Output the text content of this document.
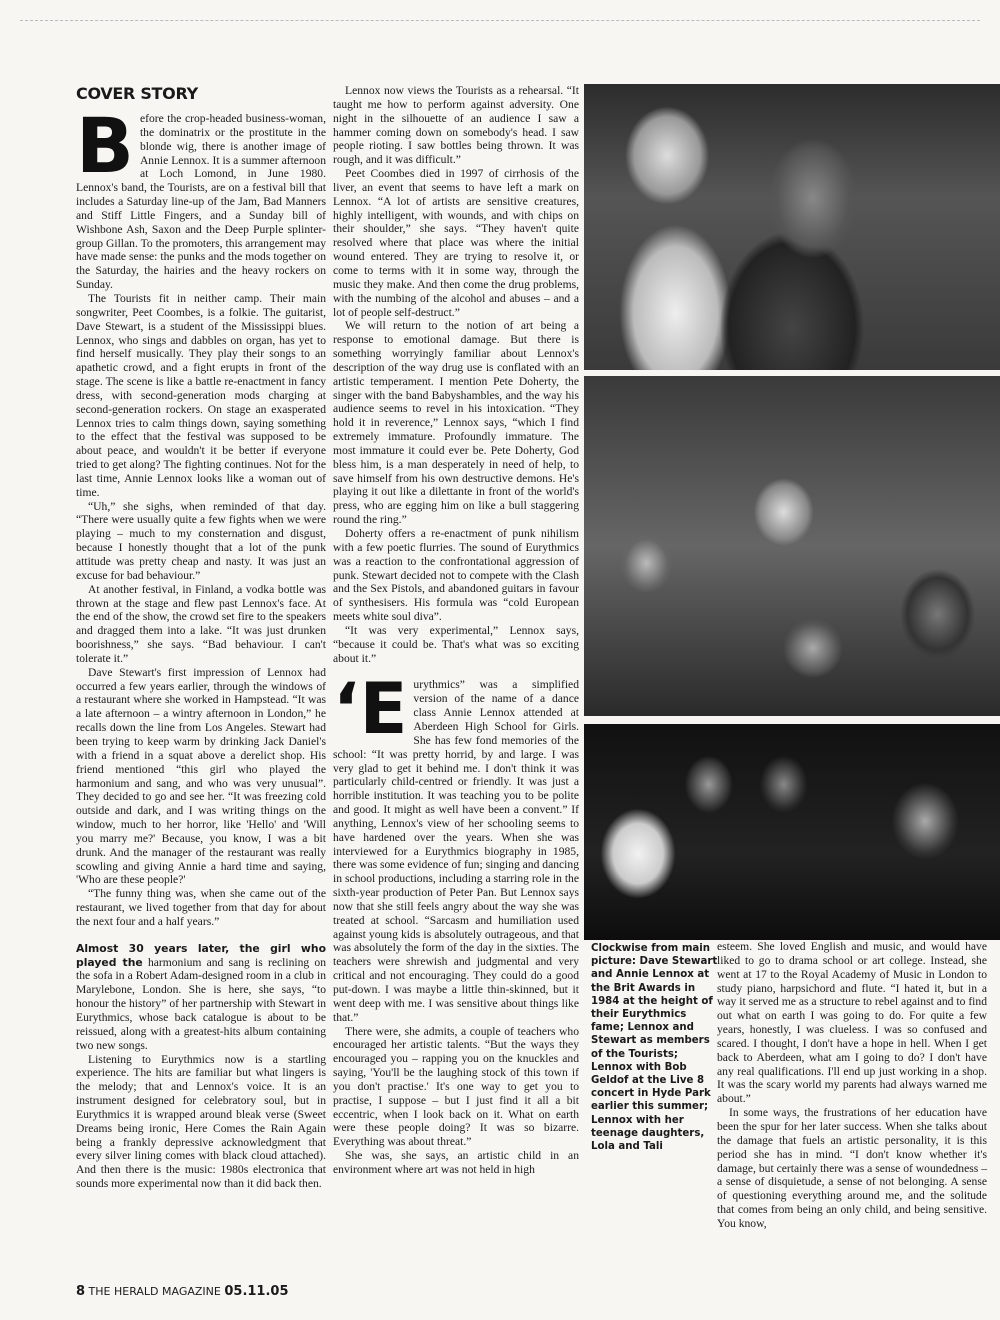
COVER STORY

Before the crop-headed business-woman, the dominatrix or the prostitute in the blonde wig, there is another image of Annie Lennox. It is a summer afternoon at Loch Lomond, in June 1980. Lennox's band, the Tourists, are on a festival bill that includes a Saturday line-up of the Jam, Bad Manners and Stiff Little Fingers, and a Sunday bill of Wishbone Ash, Saxon and the Deep Purple splinter-group Gillan. To the promoters, this arrangement may have made sense: the punks and the mods together on the Saturday, the hairies and the heavy rockers on Sunday.

The Tourists fit in neither camp. Their main songwriter, Peet Coombes, is a folkie. The guitarist, Dave Stewart, is a student of the Mississippi blues. Lennox, who sings and dabbles on organ, has yet to find herself musically. They play their songs to an apathetic crowd, and a fight erupts in front of the stage. The scene is like a battle re-enactment in fancy dress, with second-generation mods charging at second-generation rockers. On stage an exasperated Lennox tries to calm things down, saying something to the effect that the festival was supposed to be about peace, and wouldn't it be better if everyone tried to get along? The fighting continues. Not for the last time, Annie Lennox looks like a woman out of time.

“Uh,” she sighs, when reminded of that day. “There were usually quite a few fights when we were playing – much to my consternation and disgust, because I honestly thought that a lot of the punk attitude was pretty cheap and nasty. It was just an excuse for bad behaviour.”

At another festival, in Finland, a vodka bottle was thrown at the stage and flew past Lennox's face. At the end of the show, the crowd set fire to the speakers and dragged them into a lake. “It was just drunken boorishness,” she says. “Bad behaviour. I can't tolerate it.”

Dave Stewart's first impression of Lennox had occurred a few years earlier, through the windows of a restaurant where she worked in Hampstead. “It was a late afternoon – a wintry afternoon in London,” he recalls down the line from Los Angeles. Stewart had been trying to keep warm by drinking Jack Daniel's with a friend in a squat above a derelict shop. His friend mentioned “this girl who played the harmonium and sang, and who was very unusual”. They decided to go and see her. “It was freezing cold outside and dark, and I was writing things on the window, much to her horror, like 'Hello' and 'Will you marry me?' Because, you know, I was a bit drunk. And the manager of the restaurant was really scowling and giving Annie a hard time and saying, 'Who are these people?'

“The funny thing was, when she came out of the restaurant, we lived together from that day for about the next four and a half years.”

Almost 30 years later, the girl who played the harmonium and sang is reclining on the sofa in a Robert Adam-designed room in a club in Marylebone, London. She is here, she says, “to honour the history” of her partnership with Stewart in Eurythmics, whose back catalogue is about to be reissued, along with a greatest-hits album containing two new songs.

Listening to Eurythmics now is a startling experience. The hits are familiar but what lingers is the melody; that and Lennox's voice. It is an instrument designed for celebratory soul, but in Eurythmics it is wrapped around bleak verse (Sweet Dreams being ironic, Here Comes the Rain Again being a frankly depressive acknowledgment that every silver lining comes with black cloud attached). And then there is the music: 1980s electronica that sounds more experimental now than it did back then.

Lennox now views the Tourists as a rehearsal. “It taught me how to perform against adversity. One night in the silhouette of an audience I saw a hammer coming down on somebody's head. I saw people rioting. I saw bottles being thrown. It was rough, and it was difficult.”

Peet Coombes died in 1997 of cirrhosis of the liver, an event that seems to have left a mark on Lennox. “A lot of artists are sensitive creatures, highly intelligent, with wounds, and with chips on their shoulder,” she says. “They haven't quite resolved where that place was where the initial wound entered. They are trying to resolve it, or come to terms with it in some way, through the music they make. And then come the drug problems, with the numbing of the alcohol and abuses – and a lot of people self-destruct.”

We will return to the notion of art being a response to emotional damage. But there is something worryingly familiar about Lennox's description of the way drug use is conflated with an artistic temperament. I mention Pete Doherty, the singer with the band Babyshambles, and the way his audience seems to revel in his intoxication. “They hold it in reverence,” Lennox says, “which I find extremely immature. Profoundly immature. The most immature it could ever be. Pete Doherty, God bless him, is a man desperately in need of help, to save himself from his own destructive demons. He's playing it out like a dilettante in front of the world's press, who are egging him on like a bull staggering round the ring.”

Doherty offers a re-enactment of punk nihilism with a few poetic flurries. The sound of Eurythmics was a reaction to the confrontational aggression of punk. Stewart decided not to compete with the Clash and the Sex Pistols, and abandoned guitars in favour of synthesisers. His formula was “cold European meets white soul diva”.

“It was very experimental,” Lennox says, “because it could be. That's what was so exciting about it.”

‘Eurythmics” was a simplified version of the name of a dance class Annie Lennox attended at Aberdeen High School for Girls. She has few fond memories of the school: “It was pretty horrid, by and large. I was very glad to get it behind me. I don't think it was particularly child-centred or friendly. It was just a horrible institution. It was teaching you to be polite and good. It might as well have been a convent.” If anything, Lennox's view of her schooling seems to have hardened over the years. When she was interviewed for a Eurythmics biography in 1985, there was some evidence of fun; singing and dancing in school productions, including a starring role in the sixth-year production of Peter Pan. But Lennox says now that she still feels angry about the way she was treated at school. “Sarcasm and humiliation used against young kids is absolutely outrageous, and that was absolutely the form of the day in the sixties. The teachers were shrewish and judgmental and very critical and not encouraging. They could do a good put-down. I was maybe a little thin-skinned, but it went deep with me. I was sensitive about things like that.”

There were, she admits, a couple of teachers who encouraged her artistic talents. “But the ways they encouraged you – rapping you on the knuckles and saying, 'You'll be the laughing stock of this town if you don't practise.' It's one way to get you to practise, I suppose – but I just find it all a bit eccentric, when I look back on it. What on earth were these people doing? It was so bizarre. Everything was about threat.”

She was, she says, an artistic child in an environment where art was not held in high

Clockwise from main picture: Dave Stewart and Annie Lennox at the Brit Awards in 1984 at the height of their Eurythmics fame; Lennox and Stewart as members of the Tourists; Lennox with Bob Geldof at the Live 8 concert in Hyde Park earlier this summer; Lennox with her teenage daughters, Lola and Tali

esteem. She loved English and music, and would have liked to go to drama school or art college. Instead, she went at 17 to the Royal Academy of Music in London to study piano, harpsichord and flute. “I hated it, but in a way it served me as a structure to rebel against and to find out what on earth I was going to do. For quite a few years, honestly, I was clueless. I was so confused and scared. I thought, I don't have a hope in hell. When I get back to Aberdeen, what am I going to do? I don't have any real qualifications. I'll end up just working in a shop. It was the scary world my parents had always warned me about.”

In some ways, the frustrations of her education have been the spur for her later success. When she talks about the damage that fuels an artistic personality, it is this period she has in mind. “I don't know whether it's damage, but certainly there was a sense of woundedness – a sense of disquietude, a sense of not belonging. A sense of questioning everything around me, and the solitude that comes from being an only child, and being sensitive. You know,

8 THE HERALD MAGAZINE 05.11.05
